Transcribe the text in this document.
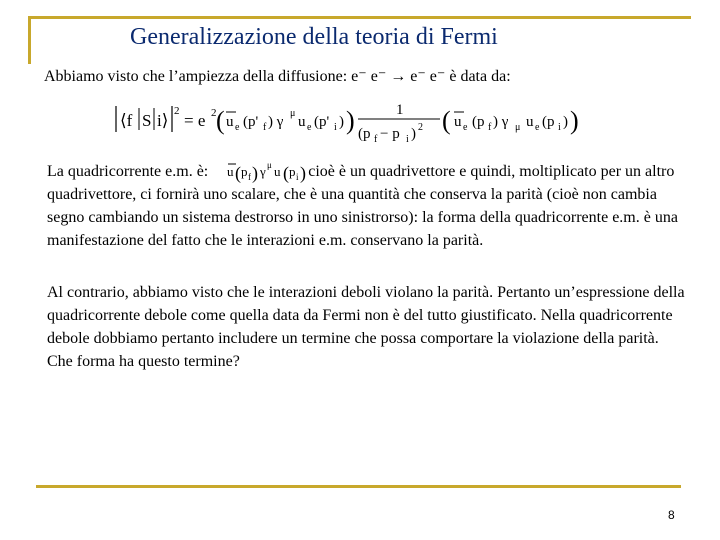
Generalizzazione della teoria di Fermi
Abbiamo visto che l’ampiezza della diffusione: e⁻ e⁻ → e⁻ e⁻ è data da:
⟨f S i⟩ 2 = e 2 ( u e (p' f ) γ
μ
u e (p' i ) )	1
(p f − p i ) 2 ( u e (p f ) γ μ u e (p i ) )
u ( p f ) γ μ u ( p i )

La quadricorrente e.m. è:	cioè è un quadrivettore e quindi, moltiplicato per un altro quadrivettore, ci fornirà uno scalare, che è una quantità che conserva la parità (cioè non cambia segno cambiando un sistema destrorso in uno sinistrorso): la forma della quadricorrente e.m. è una manifestazione del fatto che le interazioni e.m. conservano la parità.

Al contrario, abbiamo visto che le interazioni deboli violano la parità. Pertanto un’espressione della quadricorrente debole come quella data da Fermi non è del tutto giustificato. Nella quadricorrente debole dobbiamo pertanto includere un termine che possa comportare la violazione della parità. Che forma ha questo termine?

8
